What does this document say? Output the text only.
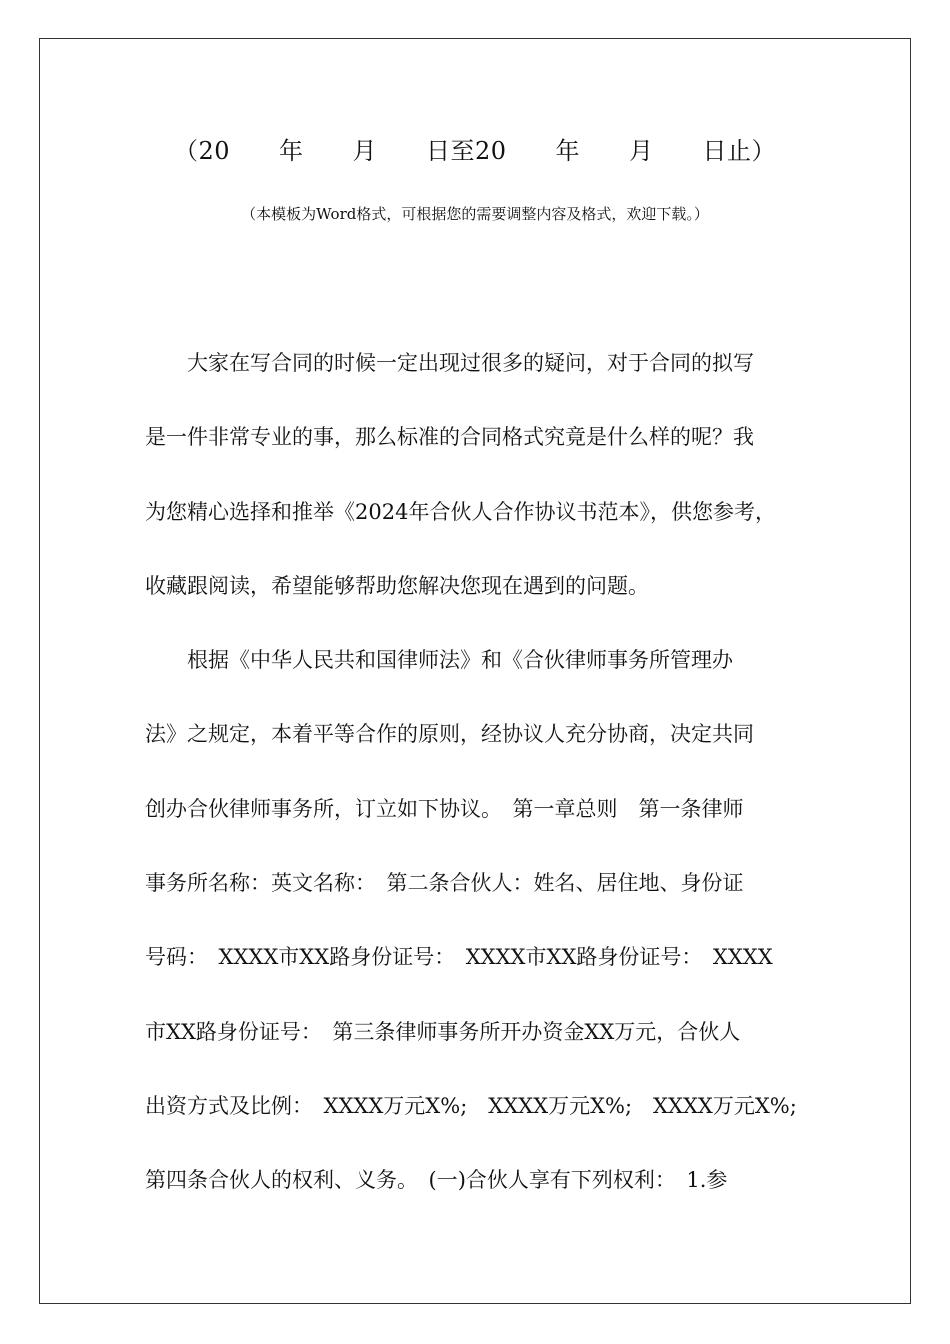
（20　　年　　月　　日至20　　年　　月　　日止）

（本模板为Word格式，可根据您的需要调整内容及格式，欢迎下载。）

　　大家在写合同的时候一定出现过很多的疑问，对于合同的拟写
是一件非常专业的事，那么标准的合同格式究竟是什么样的呢？我
为您精心选择和推举《2024年合伙人合作协议书范本》，供您参考，
收藏跟阅读，希望能够帮助您解决您现在遇到的问题。
　　根据《中华人民共和国律师法》和《合伙律师事务所管理办
法》之规定，本着平等合作的原则，经协议人充分协商，决定共同
创办合伙律师事务所，订立如下协议。　第一章总则　第一条律师
事务所名称：英文名称：　第二条合伙人：姓名、居住地、身份证
号码：　XXXX市XX路身份证号：　XXXX市XX路身份证号：　XXXX
市XX路身份证号：　第三条律师事务所开办资金XX万元，合伙人
出资方式及比例：　XXXX万元X%;　XXXX万元X%;　XXXX万元X%;
第四条合伙人的权利、义务。　(一)合伙人享有下列权利：　1.参
